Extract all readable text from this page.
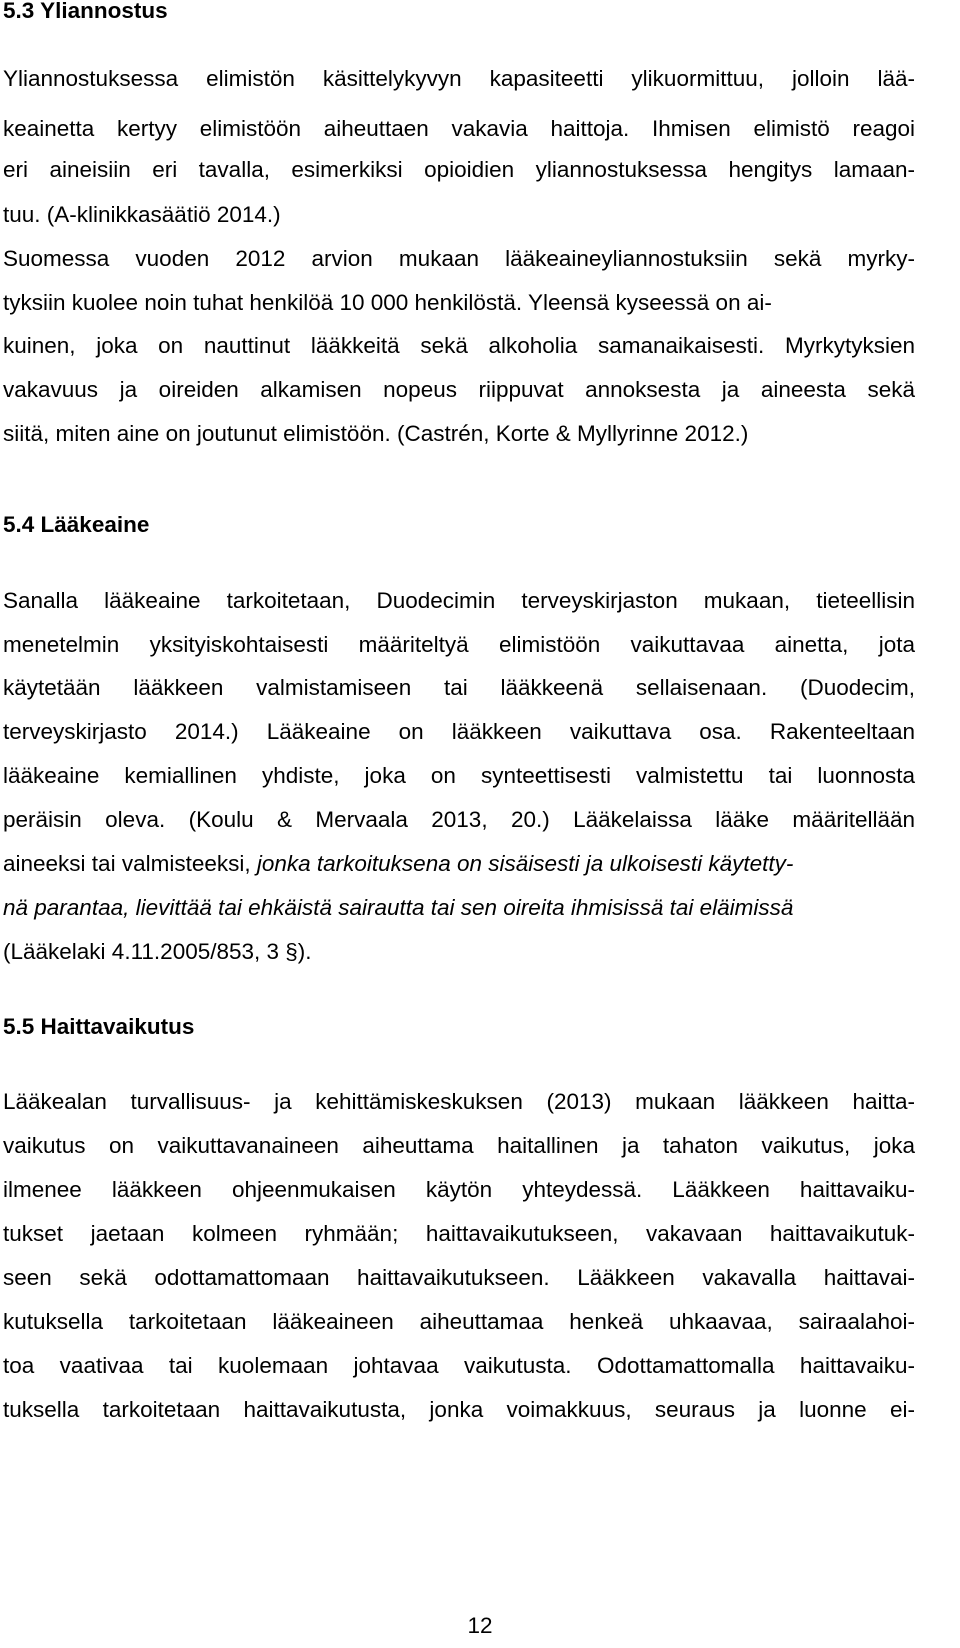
5.3 Yliannostus
Yliannostuksessa elimistön käsittelykyvyn kapasiteetti ylikuormittuu, jolloin lää-
keainetta kertyy elimistöön aiheuttaen vakavia haittoja. Ihmisen elimistö reagoi
eri aineisiin eri tavalla, esimerkiksi opioidien yliannostuksessa hengitys lamaan-
tuu. (A-klinikkasäätiö 2014.)
Suomessa vuoden 2012 arvion mukaan lääkeaineyliannostuksiin sekä myrky-
tyksiin kuolee noin tuhat henkilöä 10 000 henkilöstä. Yleensä kyseessä on ai-
kuinen, joka on nauttinut lääkkeitä sekä alkoholia samanaikaisesti. Myrkytyksien
vakavuus ja oireiden alkamisen nopeus riippuvat annoksesta ja aineesta sekä
siitä, miten aine on joutunut elimistöön. (Castrén, Korte & Myllyrinne 2012.)
5.4 Lääkeaine
Sanalla lääkeaine tarkoitetaan, Duodecimin terveyskirjaston mukaan, tieteellisin
menetelmin yksityiskohtaisesti määriteltyä elimistöön vaikuttavaa ainetta, jota
käytetään lääkkeen valmistamiseen tai lääkkeenä sellaisenaan. (Duodecim,
terveyskirjasto 2014.) Lääkeaine on lääkkeen vaikuttava osa. Rakenteeltaan
lääkeaine kemiallinen yhdiste, joka on synteettisesti valmistettu tai luonnosta
peräisin oleva. (Koulu & Mervaala 2013, 20.) Lääkelaissa lääke määritellään
aineeksi tai valmisteeksi, jonka tarkoituksena on sisäisesti ja ulkoisesti käytetty-
nä parantaa, lievittää tai ehkäistä sairautta tai sen oireita ihmisissä tai eläimissä
(Lääkelaki 4.11.2005/853, 3 §).
5.5 Haittavaikutus
Lääkealan turvallisuus- ja kehittämiskeskuksen (2013) mukaan lääkkeen haitta-
vaikutus on vaikuttavanaineen aiheuttama haitallinen ja tahaton vaikutus, joka
ilmenee lääkkeen ohjeenmukaisen käytön yhteydessä. Lääkkeen haittavaiku-
tukset jaetaan kolmeen ryhmään; haittavaikutukseen, vakavaan haittavaikutuk-
seen sekä odottamattomaan haittavaikutukseen. Lääkkeen vakavalla haittavai-
kutuksella tarkoitetaan lääkeaineen aiheuttamaa henkeä uhkaavaa, sairaalahoi-
toa vaativaa tai kuolemaan johtavaa vaikutusta. Odottamattomalla haittavaiku-
tuksella tarkoitetaan haittavaikutusta, jonka voimakkuus, seuraus ja luonne ei-
12
